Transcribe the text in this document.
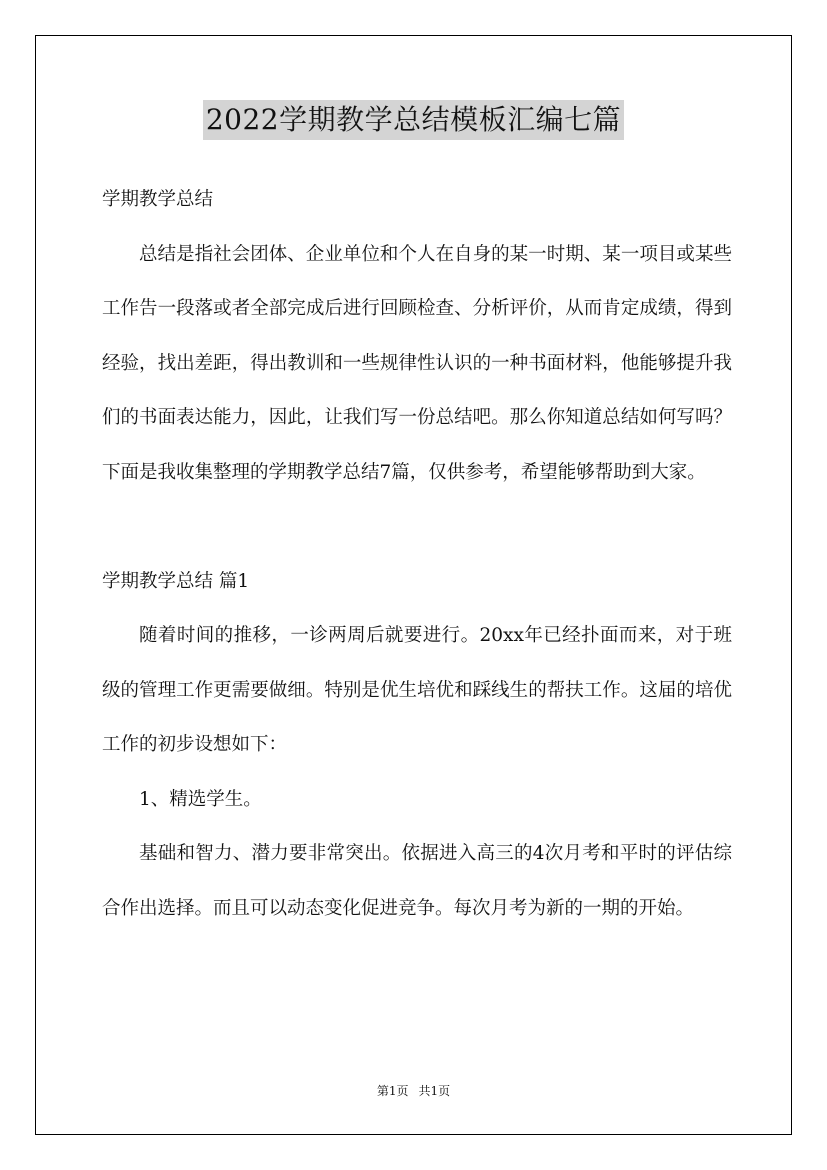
2022学期教学总结模板汇编七篇

学期教学总结

总结是指社会团体、企业单位和个人在自身的某一时期、某一项目或某些工作告一段落或者全部完成后进行回顾检查、分析评价，从而肯定成绩，得到经验，找出差距，得出教训和一些规律性认识的一种书面材料，他能够提升我们的书面表达能力，因此，让我们写一份总结吧。那么你知道总结如何写吗？下面是我收集整理的学期教学总结7篇，仅供参考，希望能够帮助到大家。

学期教学总结 篇1

随着时间的推移，一诊两周后就要进行。20xx年已经扑面而来，对于班级的管理工作更需要做细。特别是优生培优和踩线生的帮扶工作。这届的培优工作的初步设想如下：

1、精选学生。

基础和智力、潜力要非常突出。依据进入高三的4次月考和平时的评估综合作出选择。而且可以动态变化促进竞争。每次月考为新的一期的开始。

第1页 共1页
